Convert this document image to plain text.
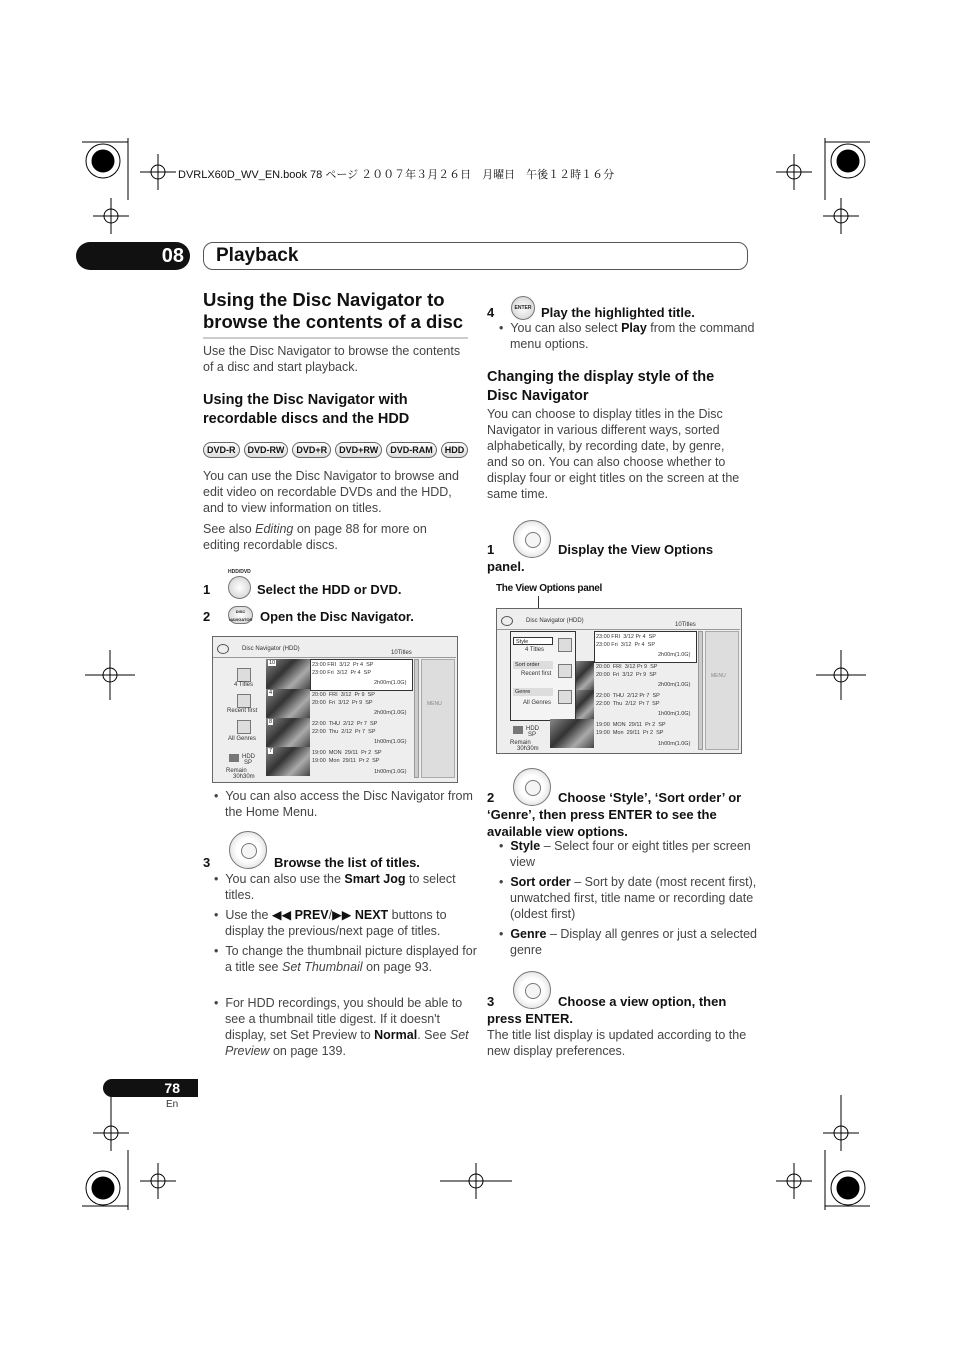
DVRLX60D_WV_EN.book 78 ページ ２００７年３月２６日　月曜日　午後１２時１６分
08	Playback
Using the Disc Navigator to browse the contents of a disc
Use the Disc Navigator to browse the contents of a disc and start playback.
Using the Disc Navigator with recordable discs and the HDD
DVD-R DVD-RW DVD+R DVD+RW DVD-RAM HDD
You can use the Disc Navigator to browse and edit video on recordable DVDs and the HDD, and to view information on titles.
See also Editing on page 88 for more on editing recordable discs.
HDD/DVD
1	Select the HDD or DVD.
DISC NAVIGATOR
2	Open the Disc Navigator.
Disc Navigator (HDD)
10Titles
4 Titles
Recent first
All Genres
HDD
SP
Remain
30h30m
10
4
8
7
23:00 FRI  3/12  Pr 4  SP
23:00 Fri  3/12  Pr 4  SP
2h00m(1.0G)
20:00  FRI  3/12  Pr 9  SP
20:00  Fri  3/12  Pr 9  SP
2h00m(1.0G)
22:00  THU  2/12  Pr 7  SP
22:00  Thu  2/12  Pr 7  SP
1h00m(1.0G)
19:00  MON  29/11  Pr 2  SP
19:00  Mon  29/11  Pr 2  SP
1h00m(1.0G)
MENU
•  You can also access the Disc Navigator from the Home Menu.
3	Browse the list of titles.
•  You can also use the Smart Jog to select titles.
•  Use the ◀◀ PREV/▶▶ NEXT buttons to display the previous/next page of titles.
•  To change the thumbnail picture displayed for a title see Set Thumbnail on page 93.
•  For HDD recordings, you should be able to see a thumbnail title digest. If it doesn't display, set Set Preview to Normal. See Set Preview on page 139.
ENTER
4	Play the highlighted title.
•  You can also select Play from the command menu options.
Changing the display style of the Disc Navigator
You can choose to display titles in the Disc Navigator in various different ways, sorted alphabetically, by recording date, by genre, and so on. You can also choose whether to display four or eight titles on the screen at the same time.
1	Display the View Options panel.
The View Options panel
Disc Navigator (HDD)
10Titles
Style
4 Titles
Sort order
Recent first
Genre
All Genres
HDD
SP
Remain
30h30m
23:00 FRI  3/12 Pr 4  SP
23:00 Fri  3/12  Pr 4  SP
2h00m(1.0G)
20:00  FRI  3/12 Pr 9  SP
20:00  Fri  3/12  Pr 9  SP
2h00m(1.0G)
22:00  THU  2/12 Pr 7  SP
22:00  Thu  2/12  Pr 7  SP
1h00m(1.0G)
19:00  MON  29/11  Pr 2  SP
19:00  Mon  29/11  Pr 2  SP
1h00m(1.0G)
MENU
2	Choose ‘Style’, ‘Sort order’ or ‘Genre’, then press ENTER to see the available view options.
•  Style – Select four or eight titles per screen view
•  Sort order – Sort by date (most recent first), unwatched first, title name or recording date (oldest first)
•  Genre – Display all genres or just a selected genre
3	Choose a view option, then press ENTER.
The title list display is updated according to the new display preferences.
78
En
